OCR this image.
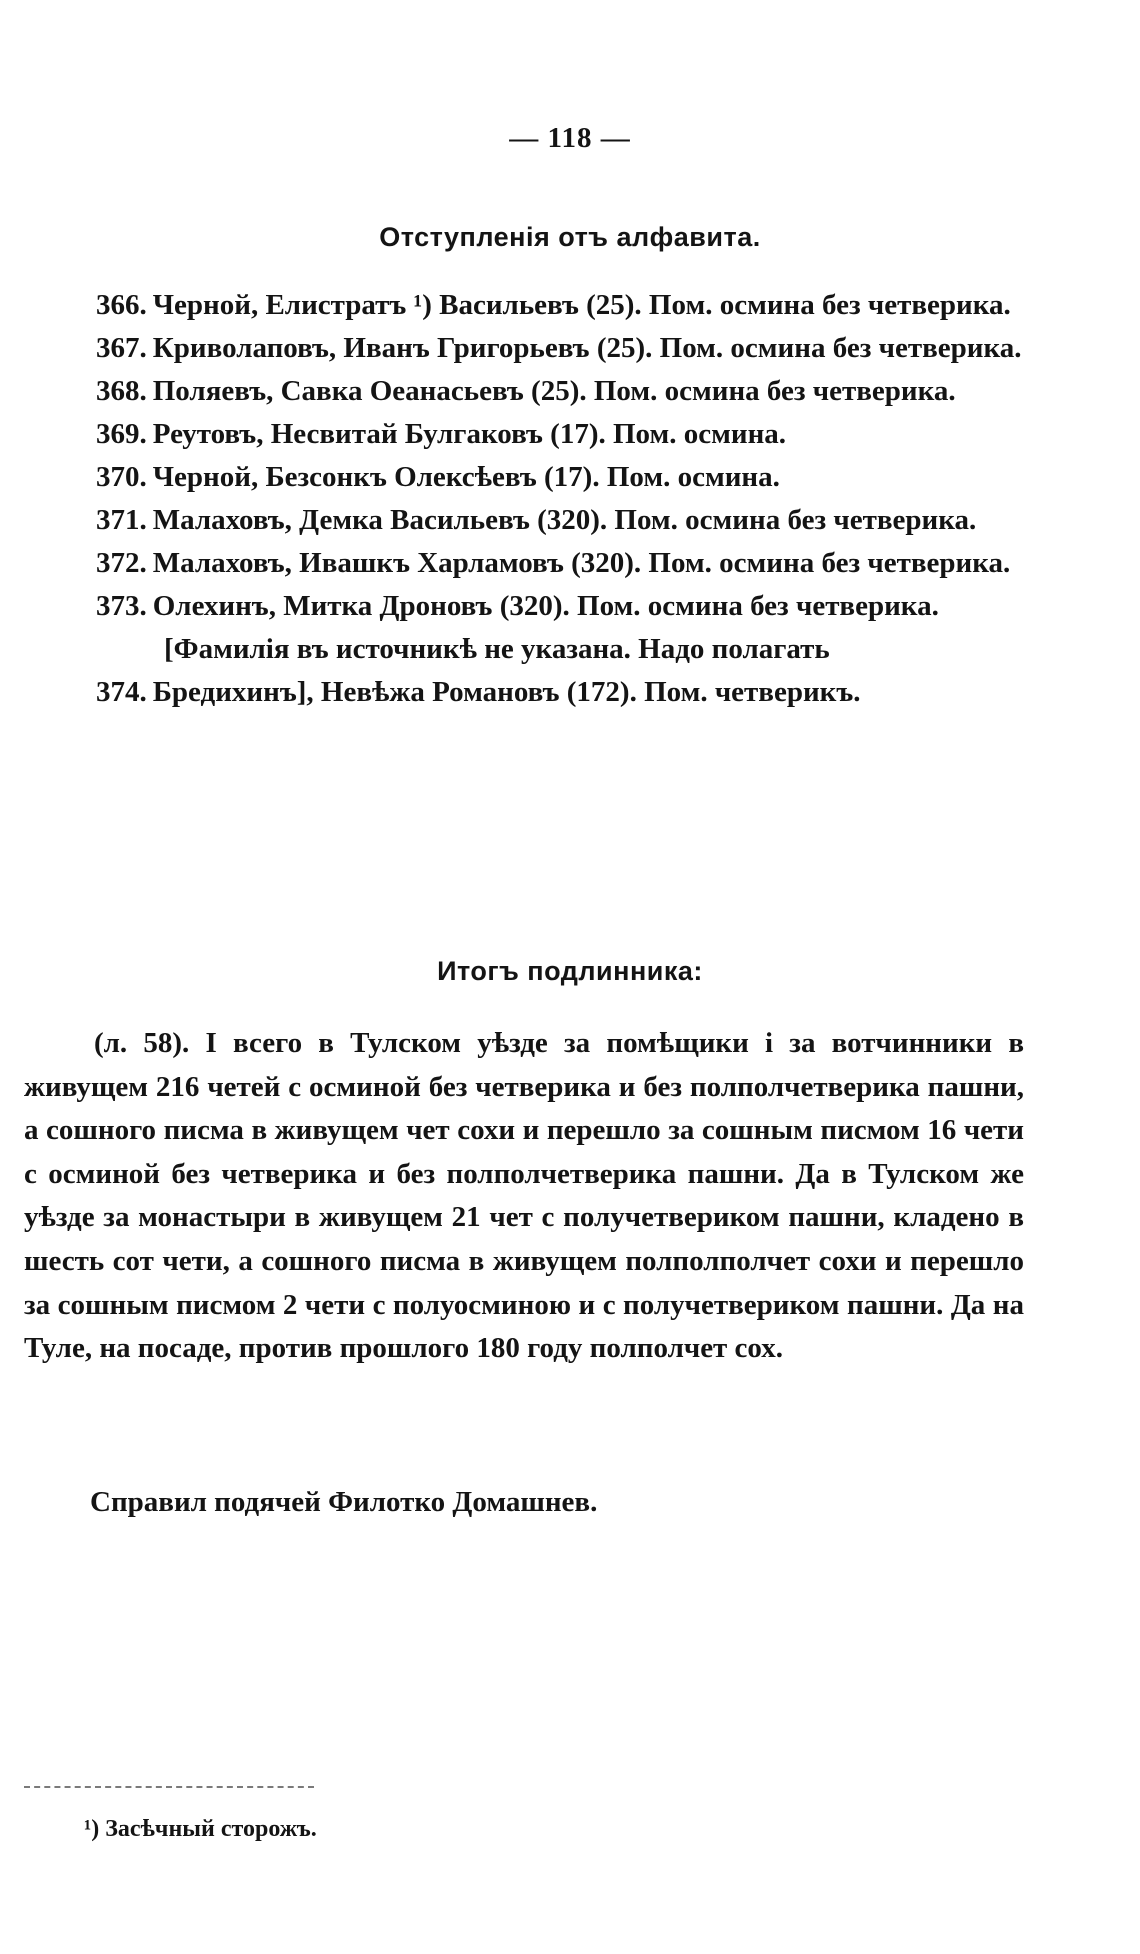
— 118 —
Отступленія отъ алфавита.
366. Черной, Елистратъ ¹) Васильевъ (25). Пом. осмина без четверика.
367. Криволаповъ, Иванъ Григорьевъ (25). Пом. осмина без четверика.
368. Поляевъ, Савка Оеанасьевъ (25). Пом. осмина без четверика.
369. Реутовъ, Несвитай Булгаковъ (17). Пом. осмина.
370. Черной, Безсонкъ Олексѣевъ (17). Пом. осмина.
371. Малаховъ, Демка Васильевъ (320). Пом. осмина без четверика.
372. Малаховъ, Ивашкъ Харламовъ (320). Пом. осмина без четверика.
373. Олехинъ, Митка Дроновъ (320). Пом. осмина без четверика.
[Фамилія въ источникѣ не указана. Надо полагать
374. Бредихинъ], Невѣжа Романовъ (172). Пом. четверикъ.
Итогъ подлинника:

(л. 58). I всего в Тулском уѣзде за помѣщики і за вотчинники в живущем 216 четей с осминой без четверика и без полполчетверика пашни, а сошного писма в живущем чет сохи и перешло за сошным писмом 16 чети с осминой без четверика и без полполчетверика пашни. Да в Тулском же уѣзде за монастыри в живущем 21 чет с получетвериком пашни, кладено в шесть сот чети, а сошного писма в живущем полполполчет сохи и перешло за сошным писмом 2 чети с полуосминою и с получетвериком пашни. Да на Туле, на посаде, против прошлого 180 году полполчет сох.

Справил подячей Филотко Домашнев.
¹) Засѣчный сторожъ.
